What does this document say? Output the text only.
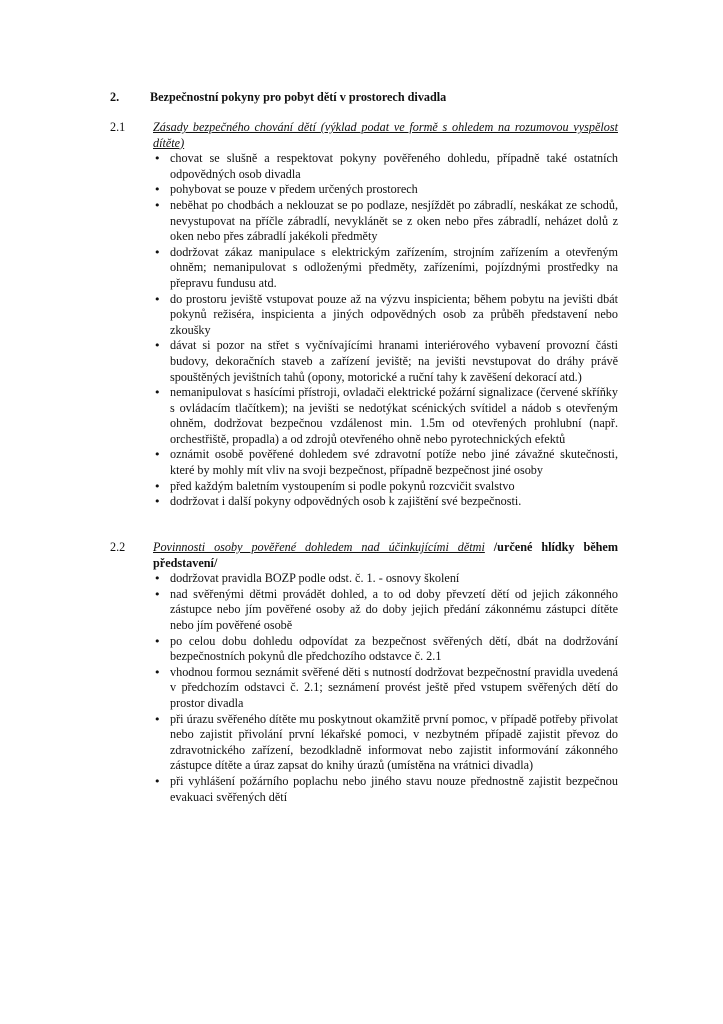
2.	Bezpečnostní pokyny pro pobyt dětí v prostorech divadla
2.1	Zásady bezpečného chování dětí (výklad podat ve formě s ohledem na rozumovou vyspělost dítěte)
• chovat se slušně a respektovat pokyny pověřeného dohledu, případně také ostatních odpovědných osob divadla
• pohybovat se pouze v předem určených prostorech
• neběhat po chodbách a neklouzat se po podlaze, nesjíždět po zábradlí, neskákat ze schodů, nevystupovat na příčle zábradlí, nevyklánět se z oken nebo přes zábradlí, neházet dolů z oken nebo přes zábradlí jakékoli předměty
• dodržovat zákaz manipulace s elektrickým zařízením, strojním zařízením a otevřeným ohněm; nemanipulovat s odloženými předměty, zařízeními, pojízdnými prostředky na přepravu fundusu atd.
• do prostoru jeviště vstupovat pouze až na výzvu inspicienta; během pobytu na jevišti dbát pokynů režiséra, inspicienta a jiných odpovědných osob za průběh představení nebo zkoušky
• dávat si pozor na střet s vyčnívajícími hranami interiérového vybavení provozní části budovy, dekoračních staveb a zařízení jeviště; na jevišti nevstupovat do dráhy právě spouštěných jevištních tahů (opony, motorické a ruční tahy k zavěšení dekorací atd.)
• nemanipulovat s hasícími přístroji, ovladači elektrické požární signalizace (červené skříňky s ovládacím tlačítkem); na jevišti se nedotýkat scénických svítidel a nádob s otevřeným ohněm, dodržovat bezpečnou vzdálenost min. 1.5m od otevřených prohlubní (např. orchestřiště, propadla) a od zdrojů otevřeného ohně nebo pyrotechnických efektů
• oznámit osobě pověřené dohledem své zdravotní potíže nebo jiné závažné skutečnosti, které by mohly mít vliv na svoji bezpečnost, případně bezpečnost jiné osoby
• před každým baletním vystoupením si podle pokynů rozcvičit svalstvo
• dodržovat i další pokyny odpovědných osob k zajištění své bezpečnosti.
2.2	Povinnosti osoby pověřené dohledem nad účinkujícími dětmi /určené hlídky během představení/
• dodržovat pravidla BOZP podle odst. č. 1. - osnovy školení
• nad svěřenými dětmi provádět dohled, a to od doby převzetí dětí od jejich zákonného zástupce nebo jím pověřené osoby až do doby jejich předání zákonnému zástupci dítěte nebo jím pověřené osobě
• po celou dobu dohledu odpovídat za bezpečnost svěřených dětí, dbát na dodržování bezpečnostních pokynů dle předchozího odstavce č. 2.1
• vhodnou formou seznámit svěřené děti s nutností dodržovat bezpečnostní pravidla uvedená v předchozím odstavci č. 2.1; seznámení provést ještě před vstupem svěřených dětí do prostor divadla
• při úrazu svěřeného dítěte mu poskytnout okamžitě první pomoc, v případě potřeby přivolat nebo zajistit přivolání první lékařské pomoci, v nezbytném případě zajistit převoz do zdravotnického zařízení, bezodkladně informovat nebo zajistit informování zákonného zástupce dítěte a úraz zapsat do knihy úrazů (umístěna na vrátnici divadla)
• při vyhlášení požárního poplachu nebo jiného stavu nouze přednostně zajistit bezpečnou evakuaci svěřených dětí
